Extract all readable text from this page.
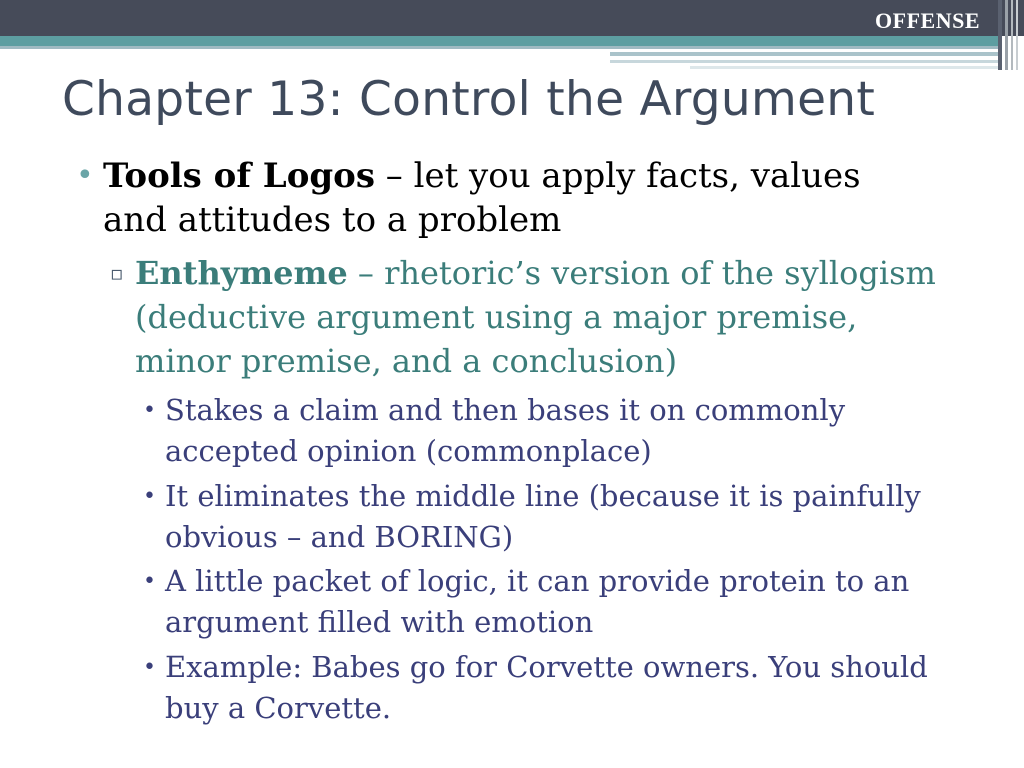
OFFENSE
Chapter 13: Control the Argument
• Tools of Logos – let you apply facts, values
and attitudes to a problem
▫ Enthymeme – rhetoric’s version of the syllogism
(deductive argument using a major premise,
minor premise, and a conclusion)
• Stakes a claim and then bases it on commonly
accepted opinion (commonplace)
• It eliminates the middle line (because it is painfully
obvious – and BORING)
• A little packet of logic, it can provide protein to an
argument filled with emotion
• Example: Babes go for Corvette owners. You should
buy a Corvette.
